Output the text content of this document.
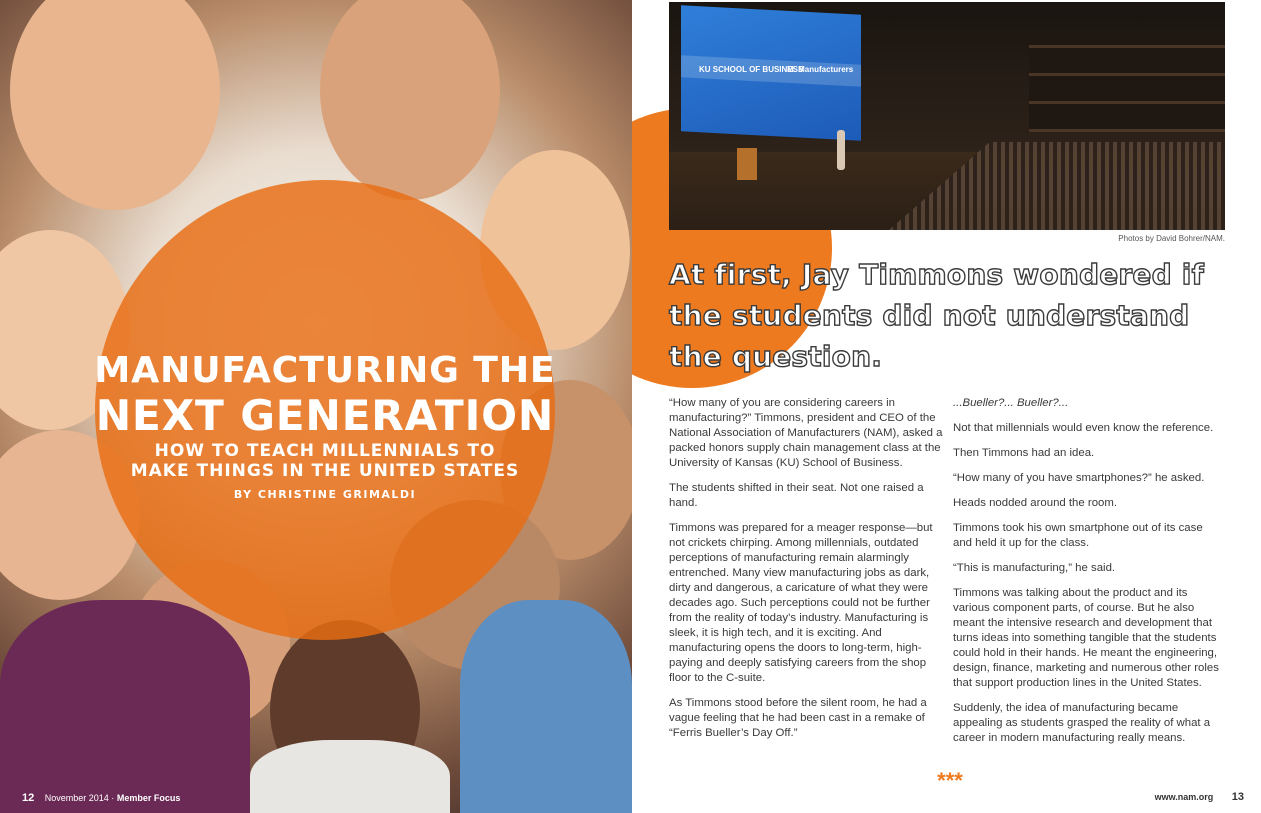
MANUFACTURING THE
NEXT GENERATION
HOW TO TEACH MILLENNIALS TO
MAKE THINGS IN THE UNITED STATES
BY CHRISTINE GRIMALDI
12 November 2014 · Member Focus
KU SCHOOL OF BUSINESS
M. Manufacturers
Photos by David Bohrer/NAM.
At first, Jay Timmons wondered if the students did not understand the question.

“How many of you are considering careers in manufacturing?” Timmons, president and CEO of the National Association of Manufacturers (NAM), asked a packed honors supply chain management class at the University of Kansas (KU) School of Business.

The students shifted in their seat. Not one raised a hand.

Timmons was prepared for a meager response—but not crickets chirping. Among millennials, outdated perceptions of manufacturing remain alarmingly entrenched. Many view manufacturing jobs as dark, dirty and dangerous, a caricature of what they were decades ago. Such perceptions could not be further from the reality of today’s industry. Manufacturing is sleek, it is high tech, and it is exciting. And manufacturing opens the doors to long-term, high-paying and deeply satisfying careers from the shop floor to the C-suite.

As Timmons stood before the silent room, he had a vague feeling that he had been cast in a remake of “Ferris Bueller’s Day Off.”

...Bueller?... Bueller?...

Not that millennials would even know the reference.

Then Timmons had an idea.

“How many of you have smartphones?” he asked.

Heads nodded around the room.

Timmons took his own smartphone out of its case and held it up for the class.

“This is manufacturing,” he said.

Timmons was talking about the product and its various component parts, of course. But he also meant the intensive research and development that turns ideas into something tangible that the students could hold in their hands. He meant the engineering, design, finance, marketing and numerous other roles that support production lines in the United States.

Suddenly, the idea of manufacturing became appealing as students grasped the reality of what a career in modern manufacturing really means.

***
www.nam.org 13
